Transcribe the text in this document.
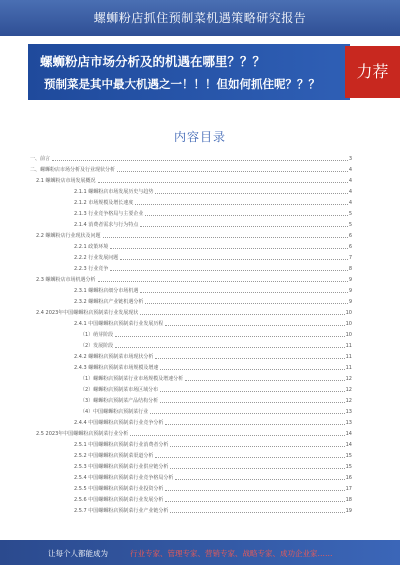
螺蛳粉店抓住预制菜机遇策略研究报告
螺蛳粉店市场分析及的机遇在哪里？？？
预制菜是其中最大机遇之一！！！但如何抓住呢？？？
力荐
内容目录
一、前言	3
二、螺蛳粉店市场分析及行业现状分析	4
2.1 螺蛳粉店市场发展概况	4
2.1.1 螺蛳粉店市场发展历史与趋势	4
2.1.2 市场规模及增长速度	4
2.1.3 行业竞争格局与主要企业	5
2.1.4 消费者需求与行为特点	5
2.2 螺蛳粉店行业现状及问题	6
2.2.1 政策环境	6
2.2.2 行业发展问题	7
2.2.3 行业竞争	8
2.3 螺蛳粉店市场机遇分析	9
2.3.1 螺蛳粉店细分市场机遇	9
2.3.2 螺蛳粉店产业链机遇分析	9
2.4 2023年中国螺蛳粉店预制菜行业发展现状	10
2.4.1 中国螺蛳粉店预制菜行业发展历程	10
（1）萌芽阶段	10
（2）发展阶段	11
2.4.2 螺蛳粉店预制菜市场现状分析	11
2.4.3 螺蛳粉店预制菜市场规模及增速	11
（1）螺蛳粉店预制菜行业市场规模及增速分析	12
（2）螺蛳粉店预制菜市场区域分布	12
（3）螺蛳粉店预制菜产品结构分析	12
（4）中国螺蛳粉店预制菜行业	13
2.4.4 中国螺蛳粉店预制菜行业竞争分析	13
2.5 2023年中国螺蛳粉店预制菜行业分析	14
2.5.1 中国螺蛳粉店预制菜行业消费者分析	14
2.5.2 中国螺蛳粉店预制菜渠道分析	15
2.5.3 中国螺蛳粉店预制菜行业供应链分析	15
2.5.4 中国螺蛳粉店预制菜行业竞争格局分析	16
2.5.5 中国螺蛳粉店预制菜行业投资分析	17
2.5.6 中国螺蛳粉店预制菜行业发展分析	18
2.5.7 中国螺蛳粉店预制菜行业产业链分析	19
让每个人都能成为	行业专家、管理专家、营销专家、战略专家、成功企业家……
